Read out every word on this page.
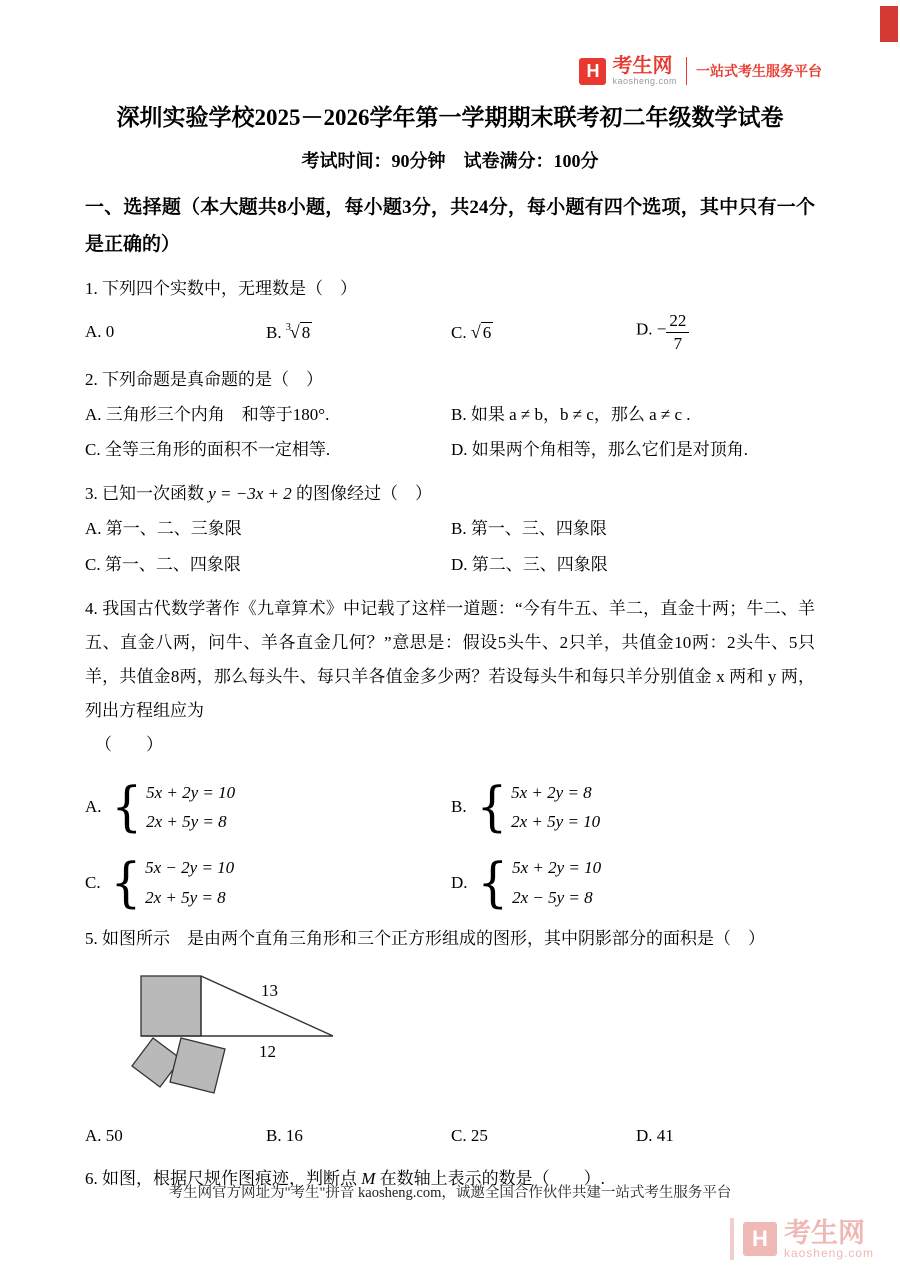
H 考生网
kaosheng.com
一站式考生服务平台
深圳实验学校2025－2026学年第一学期期末联考初二年级数学试卷
考试时间：90分钟　试卷满分：100分
一、选择题（本大题共8小题，每小题3分，共24分，每小题有四个选项，其中只有一个是正确的）
1. 下列四个实数中，无理数是（　）
A. 0	B. $^3$√ 8	C. √ 6	D. − $\frac{22}{7}$
2. 下列命题是真命题的是（　）
A. 三角形三个内角　和等于180°.	B. 如果 a ≠ b，b ≠ c，那么 a ≠ c .
C. 全等三角形的面积不一定相等.	D. 如果两个角相等，那么它们是对顶角.
3. 已知一次函数 y = −3x + 2 的图像经过（　）
A. 第一、二、三象限	B. 第一、三、四象限
C. 第一、二、四象限	D. 第二、三、四象限
4. 我国古代数学著作《九章算术》中记载了这样一道题：“今有牛五、羊二，直金十两；牛二、羊五、直金八两，问牛、羊各直金几何？”意思是：假设5头牛、2只羊，共值金10两：2头牛、5只羊，共值金8两，那么每头牛、每只羊各值金多少两？若设每头牛和每只羊分别值金 x 两和 y 两，列出方程组应为
（　　）
A. { 5x + 2y = 10
2x + 5y = 8
B. { 5x + 2y = 8
2x + 5y = 10
C. { 5x − 2y = 10
2x + 5y = 8
D. { 5x + 2y = 10
2x − 5y = 8
5. 如图所示　是由两个直角三角形和三个正方形组成的图形，其中阴影部分的面积是（　）
13
12
A. 50	B. 16	C. 25	D. 41
6. 如图，根据尺规作图痕迹，判断点 M 在数轴上表示的数是（　　）.
考生网官方网址为"考生"拼音 kaosheng.com，诚邀全国合作伙伴共建一站式考生服务平台
H 考生网
kaosheng.com
